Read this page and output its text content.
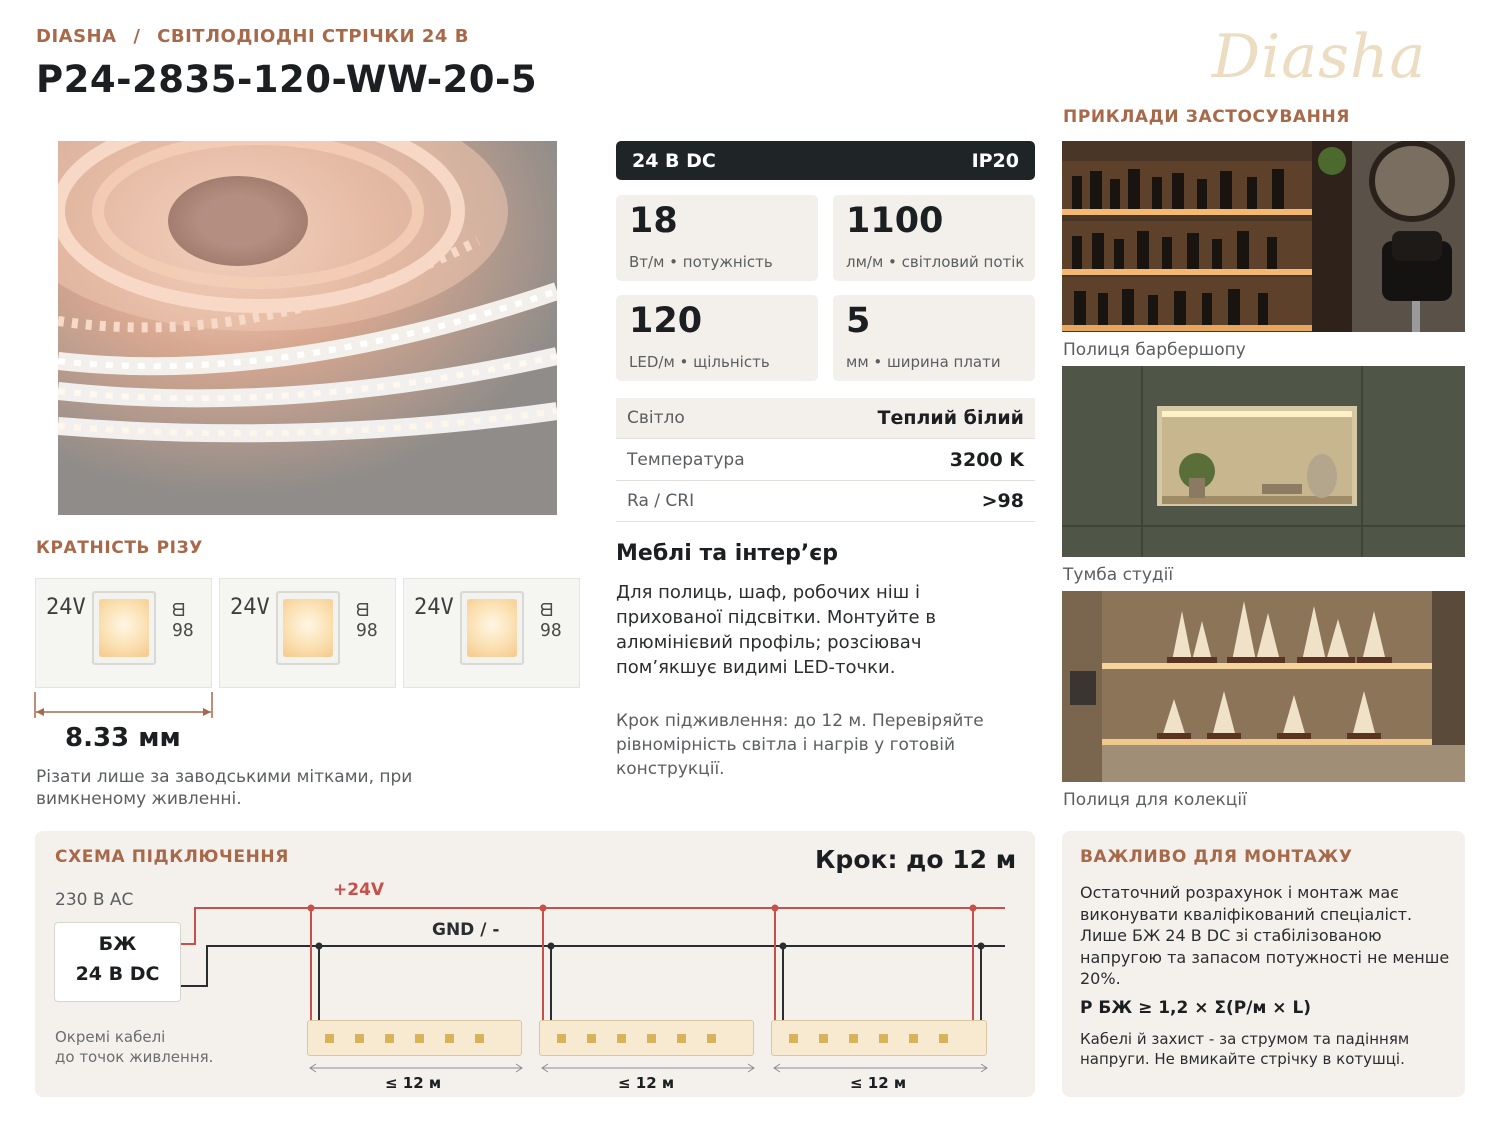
DIASHA / СВІТЛОДІОДНІ СТРІЧКИ 24 В
P24-2835-120-WW-20-5	Diasha
КРАТНІСТЬ РІЗУ
24V	ᗺ 98
24V	ᗺ 98
24V	ᗺ 98
8.33 мм
Різати лише за заводськими мітками, при вимкненому живленні.
24 В DC	IP20
18
Вт/м • потужність
1100
лм/м • світловий потік
120
LED/м • щільність
5
мм • ширина плати
Світло	Теплий білий
Температура	3200 K
Ra / CRI	>98
Меблі та інтер’єр
Для полиць, шаф, робочих ніш і прихованої підсвітки. Монтуйте в алюмінієвий профіль; розсіювач пом’якшує видимі LED-точки.
Крок підживлення: до 12 м. Перевіряйте рівномірність світла і нагрів у готовій конструкції.
ПРИКЛАДИ ЗАСТОСУВАННЯ
Полиця барбершопу
Тумба студії
Полиця для колекції
СХЕМА ПІДКЛЮЧЕННЯ	Крок: до 12 м
230 В АС
БЖ
24 В DC
Окремі кабелі
до точок живлення.
+24V
GND / -
≤ 12 м	≤ 12 м	≤ 12 м
ВАЖЛИВО ДЛЯ МОНТАЖУ
Остаточний розрахунок і монтаж має виконувати кваліфікований спеціаліст. Лише БЖ 24 В DC зі стабілізованою напругою та запасом потужності не менше 20%.
P БЖ ≥ 1,2 × Σ(P/м × L)
Кабелі й захист - за струмом та падінням напруги. Не вмикайте стрічку в котушці.
